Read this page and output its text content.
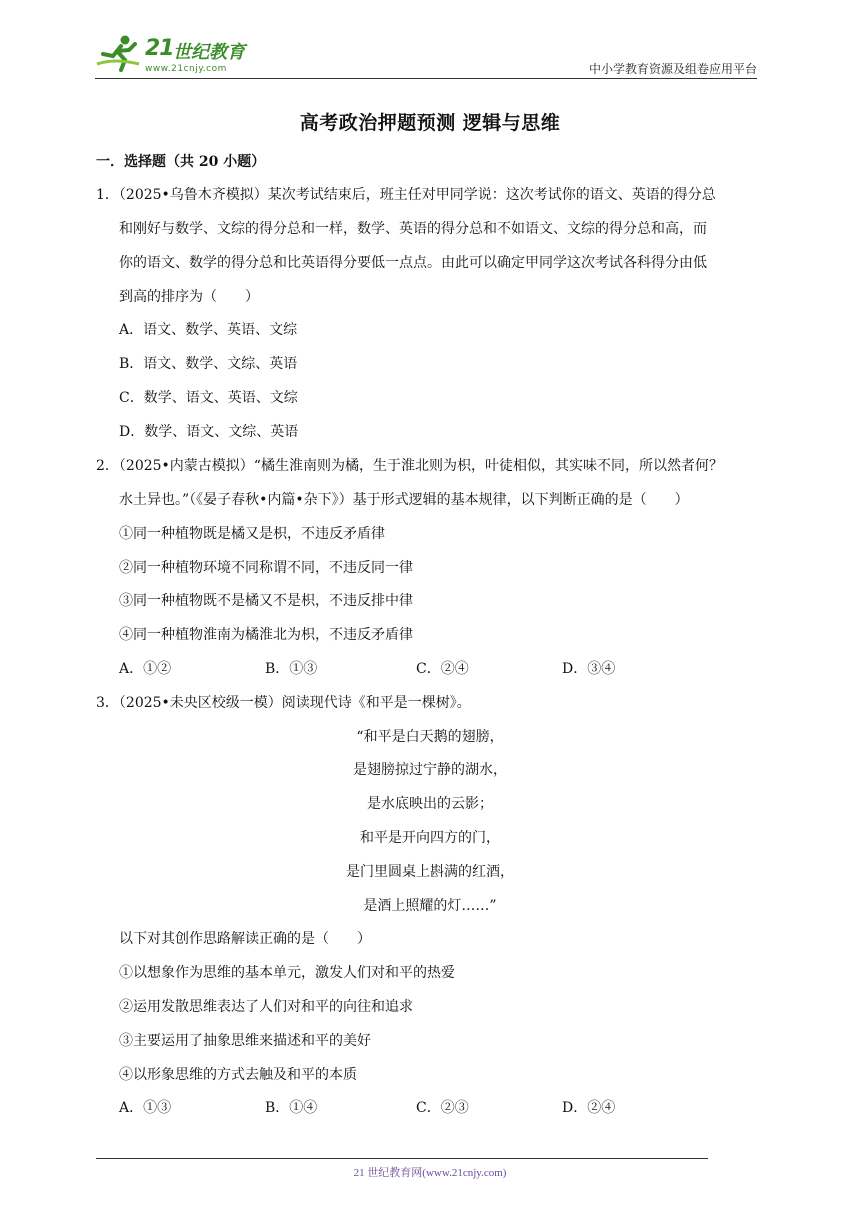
21 世纪教育
www.21cnjy.com	中小学教育资源及组卷应用平台
高考政治押题预测 逻辑与思维
一．选择题（共 20 小题）
1．（2025•乌鲁木齐模拟）某次考试结束后，班主任对甲同学说：这次考试你的语文、英语的得分总
和刚好与数学、文综的得分总和一样，数学、英语的得分总和不如语文、文综的得分总和高，而
你的语文、数学的得分总和比英语得分要低一点点。由此可以确定甲同学这次考试各科得分由低
到高的排序为（　　）
A．语文、数学、英语、文综
B．语文、数学、文综、英语
C．数学、语文、英语、文综
D．数学、语文、文综、英语
2．（2025•内蒙古模拟）“橘生淮南则为橘，生于淮北则为枳，叶徒相似，其实味不同，所以然者何？
水土异也。”（《晏子春秋•内篇•杂下》）基于形式逻辑的基本规律，以下判断正确的是（　　）
①同一种植物既是橘又是枳，不违反矛盾律
②同一种植物环境不同称谓不同，不违反同一律
③同一种植物既不是橘又不是枳，不违反排中律
④同一种植物淮南为橘淮北为枳，不违反矛盾律
A．①②	B．①③	C．②④	D．③④
3．（2025•未央区校级一模）阅读现代诗《和平是一棵树》。
“和平是白天鹅的翅膀，
是翅膀掠过宁静的湖水，
是水底映出的云影；
和平是开向四方的门，
是门里圆桌上斟满的红酒，
是酒上照耀的灯……”
以下对其创作思路解读正确的是（　　）
①以想象作为思维的基本单元，激发人们对和平的热爱
②运用发散思维表达了人们对和平的向往和追求
③主要运用了抽象思维来描述和平的美好
④以形象思维的方式去触及和平的本质
A．①③	B．①④	C．②③	D．②④
21 世纪教育网(www.21cnjy.com)
